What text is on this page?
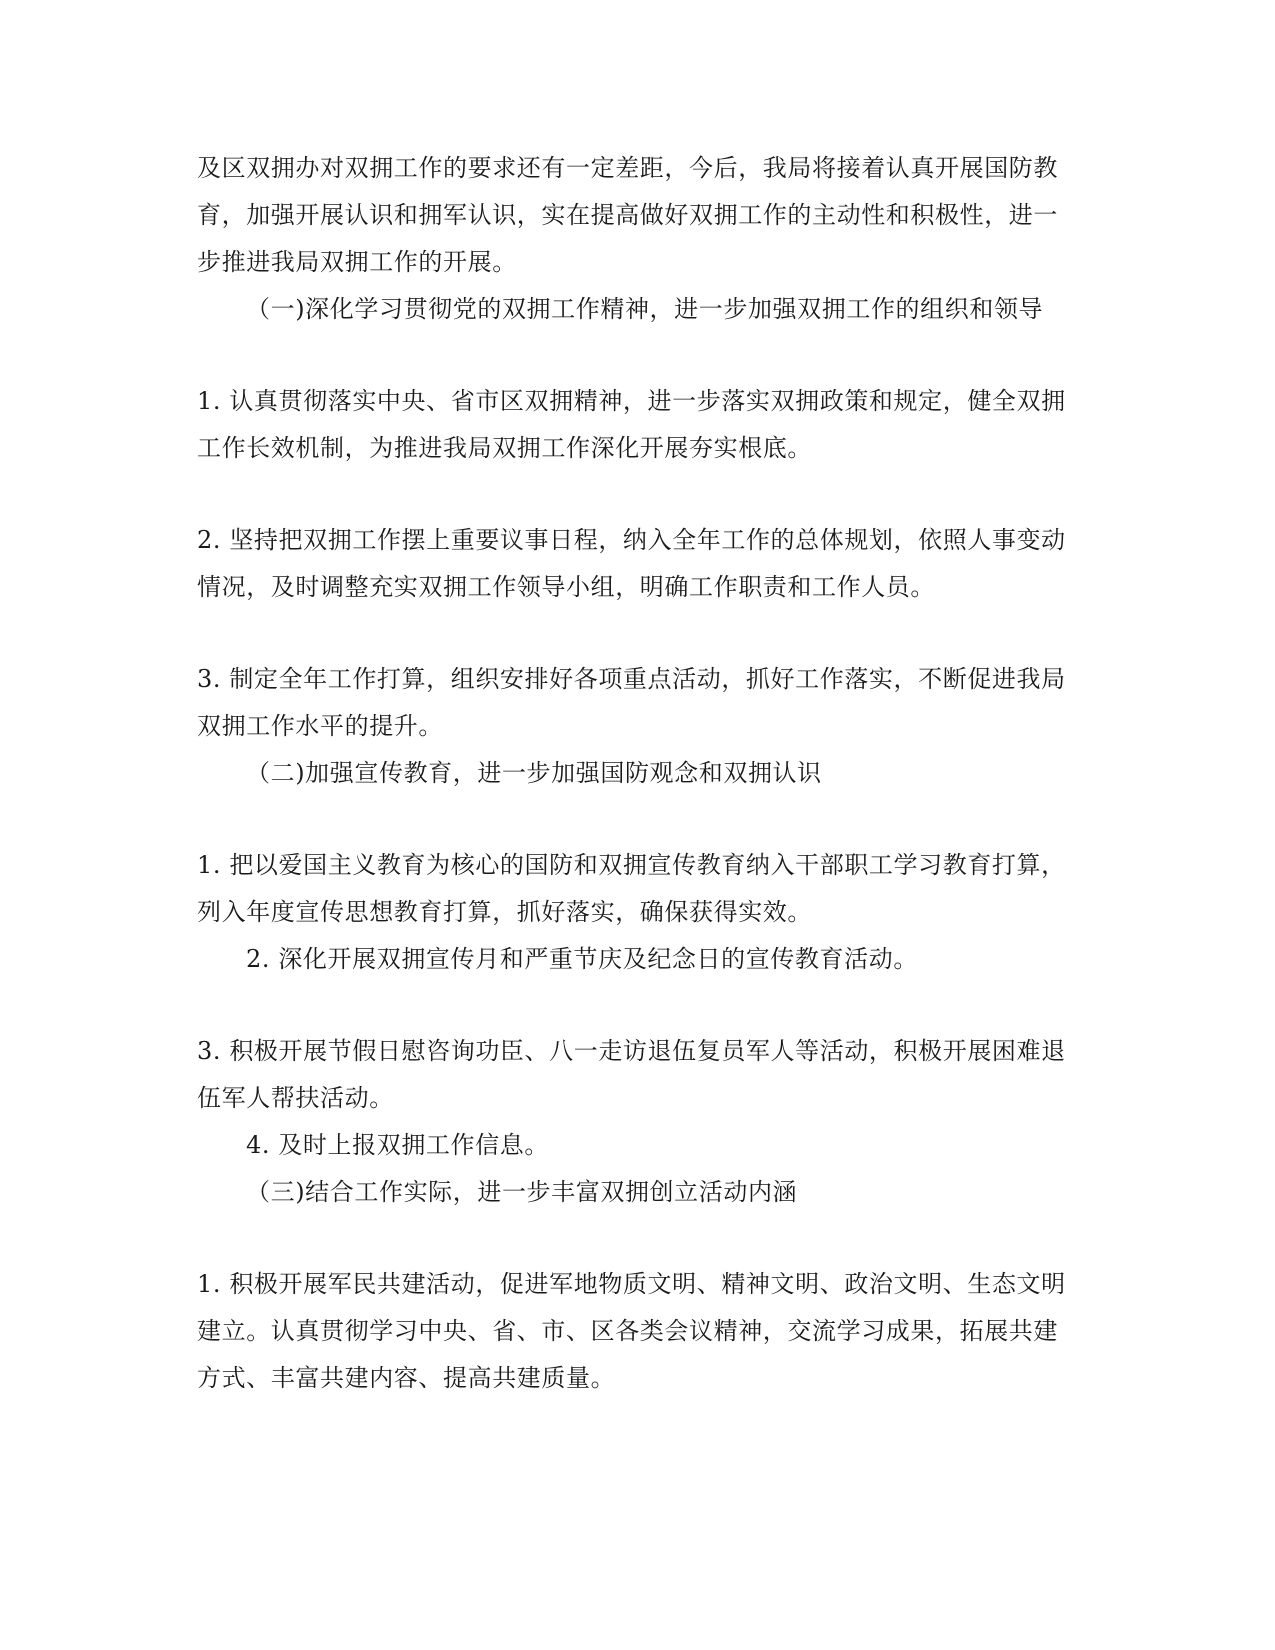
及区双拥办对双拥工作的要求还有一定差距，今后，我局将接着认真开展国防教
育，加强开展认识和拥军认识，实在提高做好双拥工作的主动性和积极性，进一
步推进我局双拥工作的开展。
（一)深化学习贯彻党的双拥工作精神，进一步加强双拥工作的组织和领导
1. 认真贯彻落实中央、省市区双拥精神，进一步落实双拥政策和规定，健全双拥
工作长效机制，为推进我局双拥工作深化开展夯实根底。
2. 坚持把双拥工作摆上重要议事日程，纳入全年工作的总体规划，依照人事变动
情况，及时调整充实双拥工作领导小组，明确工作职责和工作人员。
3. 制定全年工作打算，组织安排好各项重点活动，抓好工作落实，不断促进我局
双拥工作水平的提升。
（二)加强宣传教育，进一步加强国防观念和双拥认识
1. 把以爱国主义教育为核心的国防和双拥宣传教育纳入干部职工学习教育打算，
列入年度宣传思想教育打算，抓好落实，确保获得实效。
2. 深化开展双拥宣传月和严重节庆及纪念日的宣传教育活动。
3. 积极开展节假日慰咨询功臣、八一走访退伍复员军人等活动，积极开展困难退
伍军人帮扶活动。
4. 及时上报双拥工作信息。
（三)结合工作实际，进一步丰富双拥创立活动内涵
1. 积极开展军民共建活动，促进军地物质文明、精神文明、政治文明、生态文明
建立。认真贯彻学习中央、省、市、区各类会议精神，交流学习成果，拓展共建
方式、丰富共建内容、提高共建质量。
